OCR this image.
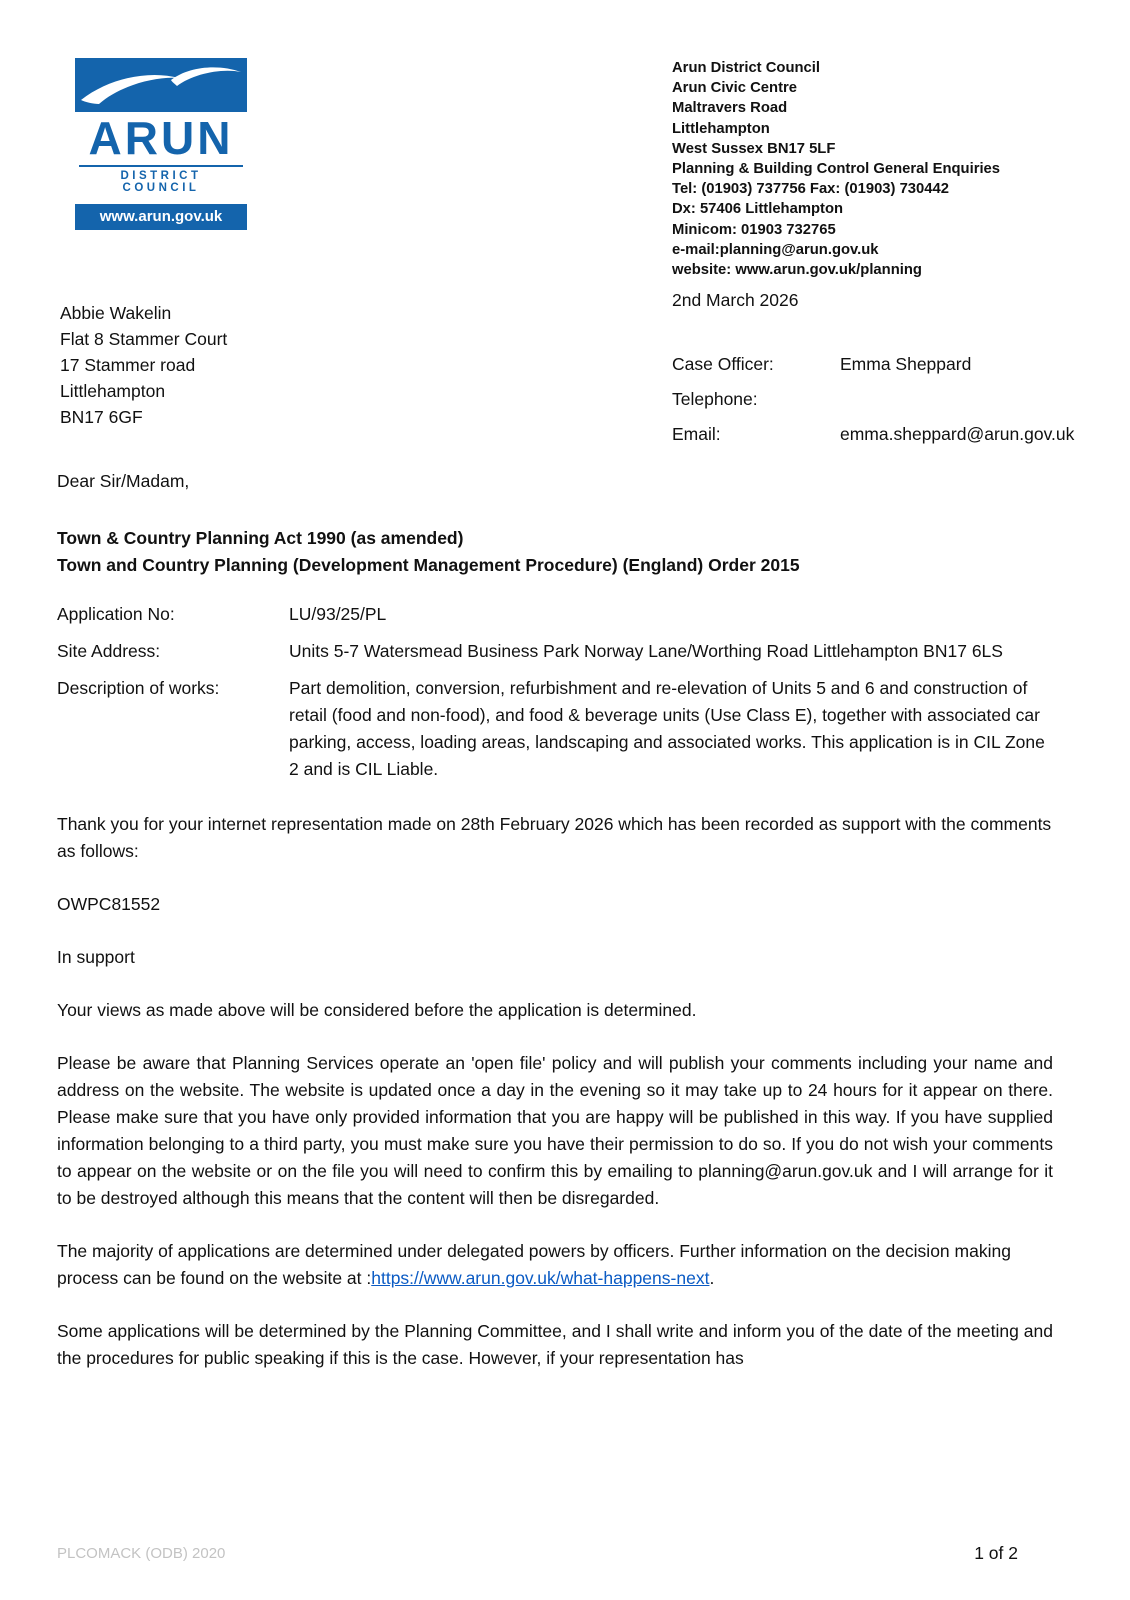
ARUN
DISTRICT COUNCIL
www.arun.gov.uk
Arun District Council
Arun Civic Centre
Maltravers Road
Littlehampton
West Sussex BN17 5LF
Planning & Building Control General Enquiries
Tel: (01903) 737756 Fax: (01903) 730442
Dx: 57406 Littlehampton
Minicom: 01903 732765
e-mail:planning@arun.gov.uk
website: www.arun.gov.uk/planning
2nd March 2026
Abbie Wakelin
Flat 8 Stammer Court
17 Stammer road
Littlehampton
BN17 6GF
Case Officer:	Emma Sheppard
Telephone:
Email:	emma.sheppard@arun.gov.uk

Dear Sir/Madam,

Town & Country Planning Act 1990 (as amended)
Town and Country Planning (Development Management Procedure) (England) Order 2015
Application No:	LU/93/25/PL
Site Address:	Units 5-7 Watersmead Business Park Norway Lane/Worthing Road Littlehampton BN17 6LS
Description of works:	Part demolition, conversion, refurbishment and re-elevation of Units 5 and 6 and construction of retail (food and non-food), and food & beverage units (Use Class E), together with associated car parking, access, loading areas, landscaping and associated works. This application is in CIL Zone 2 and is CIL Liable.

Thank you for your internet representation made on 28th February 2026 which has been recorded as support with the comments as follows:

OWPC81552

In support

Your views as made above will be considered before the application is determined.

Please be aware that Planning Services operate an 'open file' policy and will publish your comments including your name and address on the website. The website is updated once a day in the evening so it may take up to 24 hours for it appear on there. Please make sure that you have only provided information that you are happy will be published in this way. If you have supplied information belonging to a third party, you must make sure you have their permission to do so. If you do not wish your comments to appear on the website or on the file you will need to confirm this by emailing to planning@arun.gov.uk and I will arrange for it to be destroyed although this means that the content will then be disregarded.

The majority of applications are determined under delegated powers by officers. Further information on the decision making process can be found on the website at :https://www.arun.gov.uk/what-happens-next.

Some applications will be determined by the Planning Committee, and I shall write and inform you of the date of the meeting and the procedures for public speaking if this is the case. However, if your representation has

PLCOMACK (ODB) 2020	1 of 2
